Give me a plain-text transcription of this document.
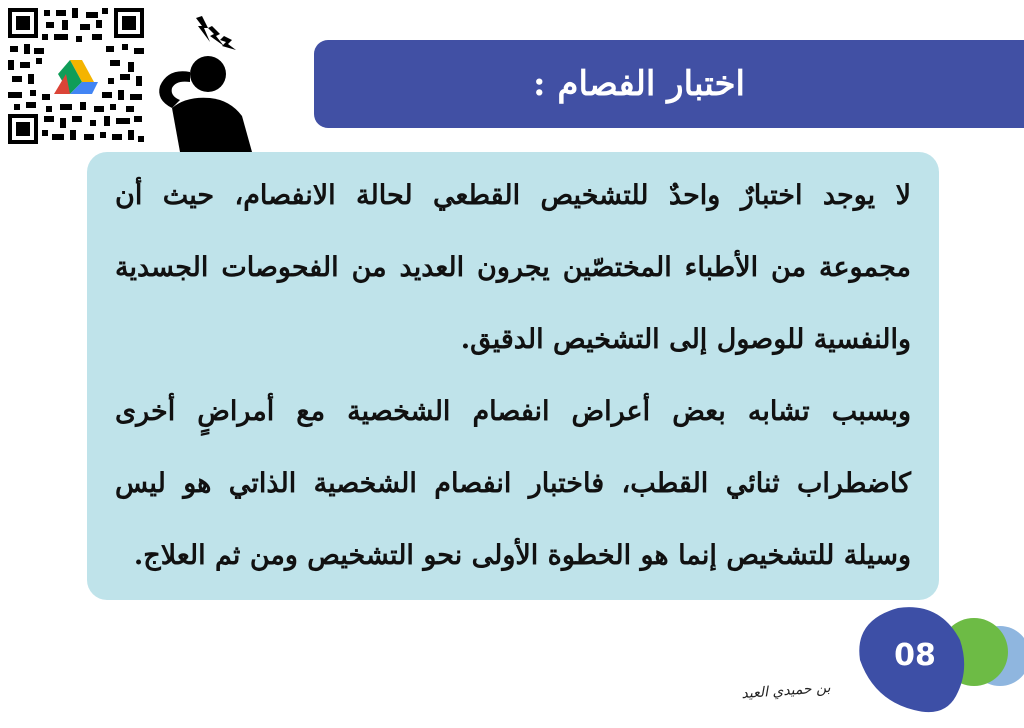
اختبار الفصام :

لا يوجد اختبارٌ واحدٌ للتشخيص القطعي لحالة الانفصام، حيث أن مجموعة من الأطباء المختصّين يجرون العديد من الفحوصات الجسدية والنفسية للوصول إلى التشخيص الدقيق.

وبسبب تشابه بعض أعراض انفصام الشخصية مع أمراضٍ أخرى كاضطراب ثنائي القطب، فاختبار انفصام الشخصية الذاتي هو ليس وسيلة للتشخيص إنما هو الخطوة الأولى نحو التشخيص ومن ثم العلاج.

08
بن حميدي العيد
